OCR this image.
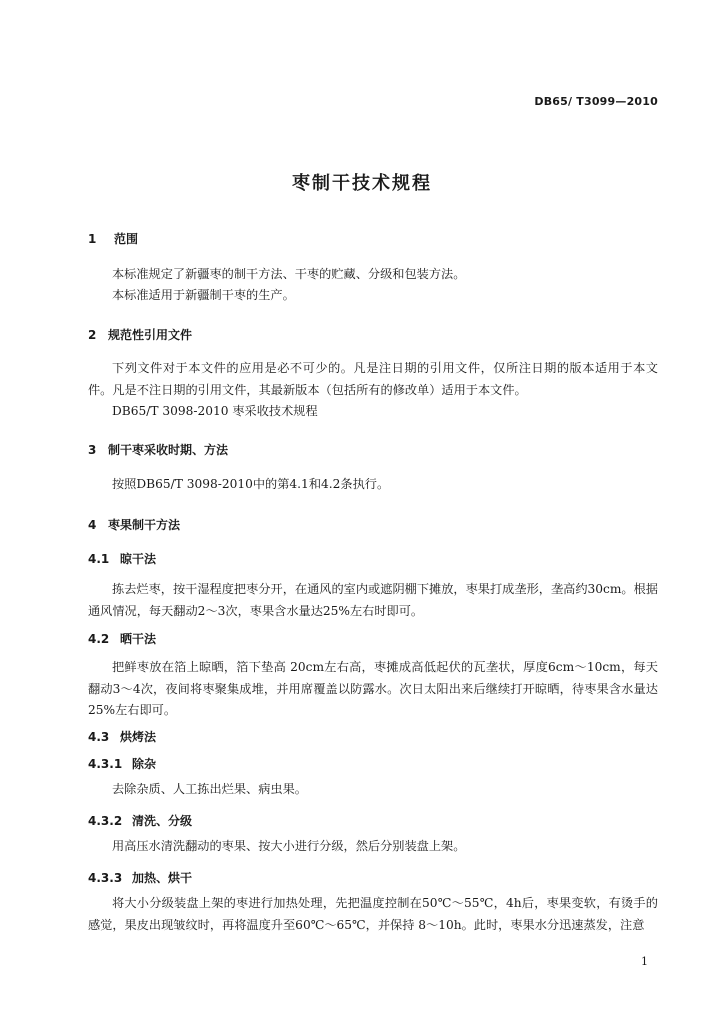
DB65/ T3099—2010
枣制干技术规程
1 范围
本标准规定了新疆枣的制干方法、干枣的贮藏、分级和包装方法。
本标准适用于新疆制干枣的生产。
2 规范性引用文件
下列文件对于本文件的应用是必不可少的。凡是注日期的引用文件，仅所注日期的版本适用于本文件。凡是不注日期的引用文件，其最新版本（包括所有的修改单）适用于本文件。
DB65/T 3098-2010 枣采收技术规程
3 制干枣采收时期、方法
按照DB65/T 3098-2010中的第4.1和4.2条执行。
4 枣果制干方法
4.1 晾干法
拣去烂枣，按干湿程度把枣分开，在通风的室内或遮阴棚下摊放，枣果打成垄形，垄高约30cm。根据通风情况，每天翻动2～3次，枣果含水量达25%左右时即可。
4.2 晒干法
把鲜枣放在箔上晾晒，箔下垫高 20cm左右高，枣摊成高低起伏的瓦垄状，厚度6cm～10cm，每天翻动3～4次，夜间将枣聚集成堆，并用席覆盖以防露水。次日太阳出来后继续打开晾晒，待枣果含水量达25%左右即可。
4.3 烘烤法
4.3.1 除杂
去除杂质、人工拣出烂果、病虫果。
4.3.2 清洗、分级
用高压水清洗翻动的枣果、按大小进行分级，然后分别装盘上架。
4.3.3 加热、烘干
将大小分级装盘上架的枣进行加热处理，先把温度控制在50℃～55℃，4h后，枣果变软，有烫手的感觉，果皮出现皱纹时，再将温度升至60℃～65℃，并保持 8～10h。此时，枣果水分迅速蒸发，注意
1
